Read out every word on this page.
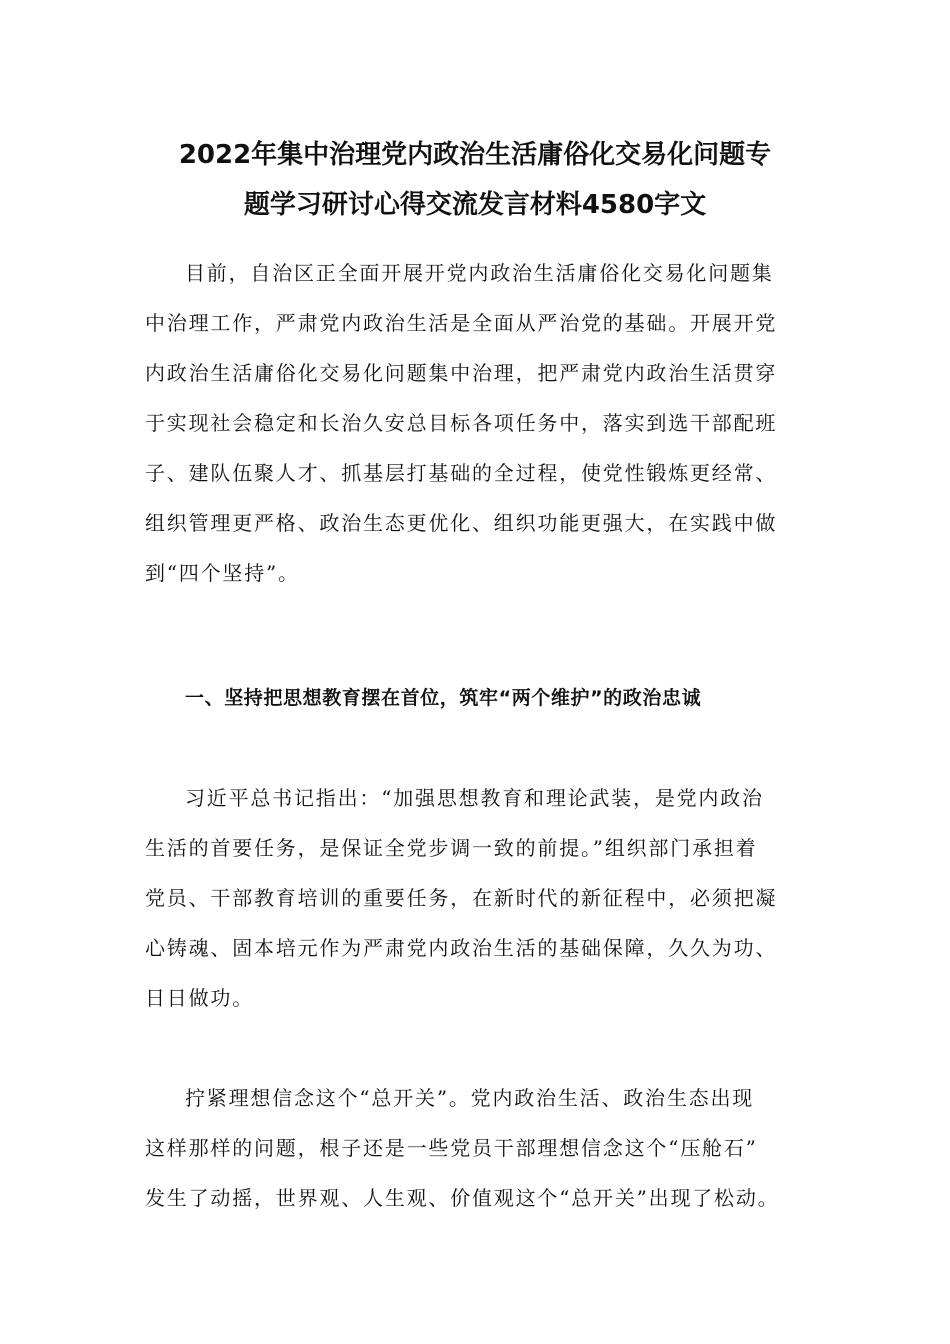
2022年集中治理党内政治生活庸俗化交易化问题专
题学习研讨心得交流发言材料4580字文
目前，自治区正全面开展开党内政治生活庸俗化交易化问题集
中治理工作，严肃党内政治生活是全面从严治党的基础。开展开党
内政治生活庸俗化交易化问题集中治理，把严肃党内政治生活贯穿
于实现社会稳定和长治久安总目标各项任务中，落实到选干部配班
子、建队伍聚人才、抓基层打基础的全过程，使党性锻炼更经常、
组织管理更严格、政治生态更优化、组织功能更强大，在实践中做
到“四个坚持”。
一、坚持把思想教育摆在首位，筑牢“两个维护”的政治忠诚
习近平总书记指出：“加强思想教育和理论武装，是党内政治
生活的首要任务，是保证全党步调一致的前提。”组织部门承担着
党员、干部教育培训的重要任务，在新时代的新征程中，必须把凝
心铸魂、固本培元作为严肃党内政治生活的基础保障，久久为功、
日日做功。
拧紧理想信念这个“总开关”。党内政治生活、政治生态出现
这样那样的问题，根子还是一些党员干部理想信念这个“压舱石”
发生了动摇，世界观、人生观、价值观这个“总开关”出现了松动。
